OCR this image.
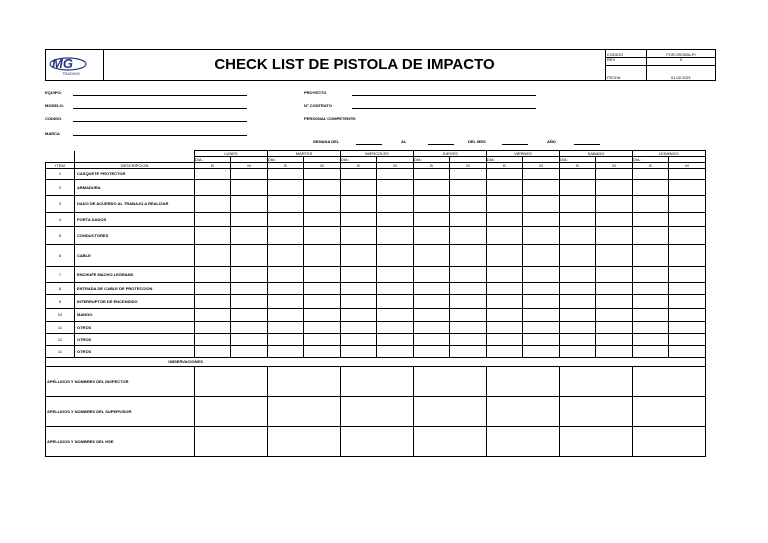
MG
TRADING
CHECK LIST DE PISTOLA DE IMPACTO
CODIGO	FOR-SSOMA-PI
REV	0
FECHA	01.02.2021
EQUIPO:
MODELO:
CODIGO
MARCA
PROYECTO
N° CONTRATO
PERSONAL COMPETENTE:
SEMANA DEL	AL	DEL MES	AÑO
		LUNES		MARTES		MIERCOLES		JUEVES		VIERNES		SABADO		DOMINGO	
		DIA:		DIA:		DIA:		DIA:		DIA:		DIA:		DIA:	
ITEM	DESCRIPCION	B	M	B	M	B	M	B	M	B	M	B	M	B	M
1	CASQUETE PROTECTOR														
2	ARMADURA														
3	DADO DE ACUERDO AL TRABAJO A REALIZAR														
4	PORTA DADOS														
5	CONDUCTORES														
6	CABLE														
7	ENCHUFE MACHO LEGRAND														
8	ENTRADA DE CABLE DE PROTECCION														
9	INTERRUPTOR DE ENCENDIDO														
10	MANGO														
11	OTROS														
11	OTROS														
11	OTROS														
OBSERVACIONES															
APELLIDOS Y NOMBRES DEL INSPECTOR															
APELLIDOS Y NOMBRES DEL SUPERVISOR															
APELLIDOS Y NOMBRES DEL HSE															
